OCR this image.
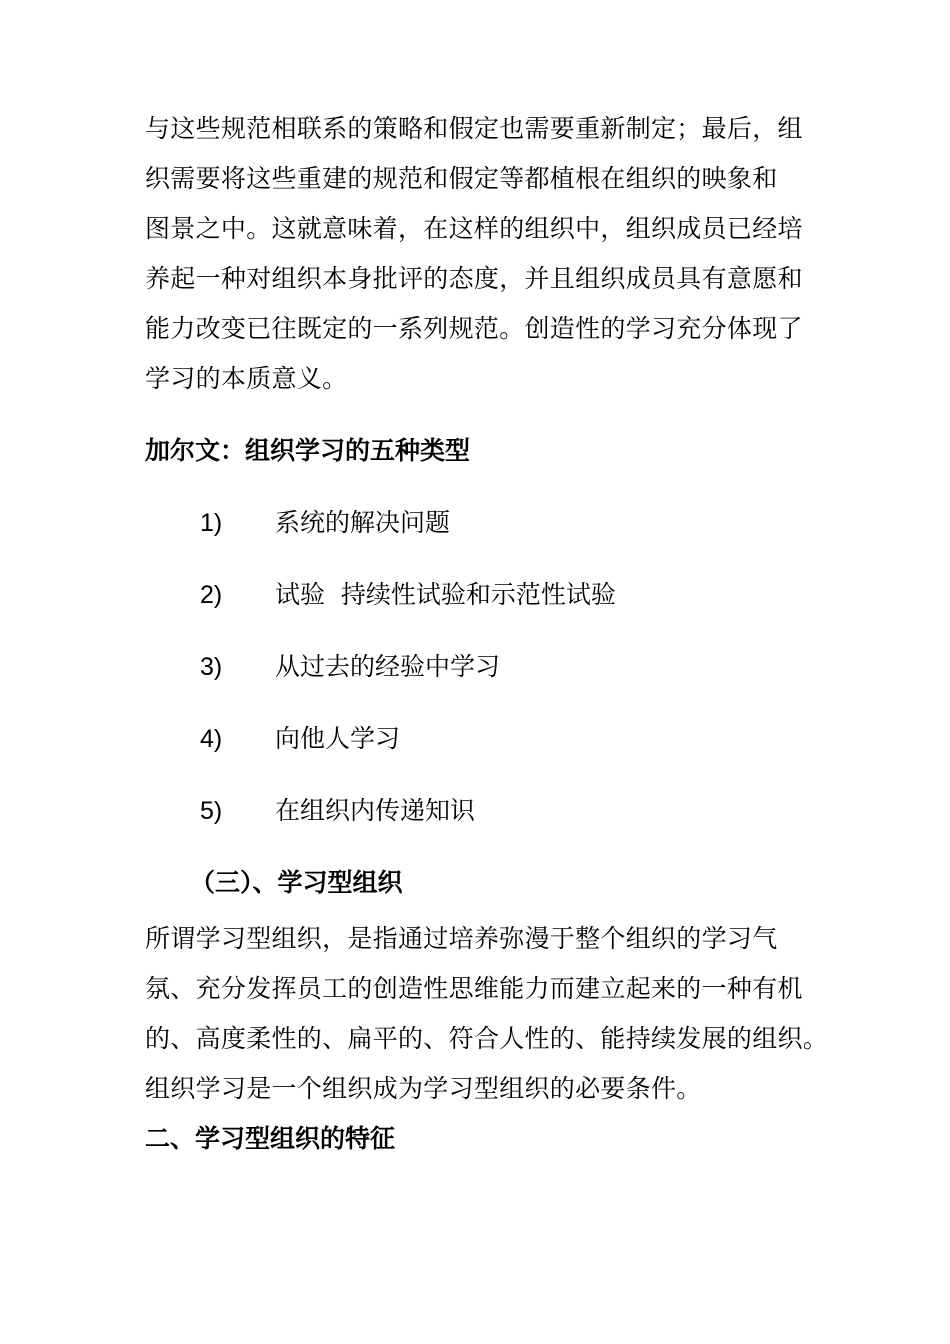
与这些规范相联系的策略和假定也需要重新制定；最后，组
织需要将这些重建的规范和假定等都植根在组织的映象和
图景之中。这就意味着，在这样的组织中，组织成员已经培
养起一种对组织本身批评的态度，并且组织成员具有意愿和
能力改变已往既定的一系列规范。创造性的学习充分体现了
学习的本质意义。
加尔文：组织学习的五种类型
1) 系统的解决问题
2) 试验  持续性试验和示范性试验
3) 从过去的经验中学习
4) 向他人学习
5) 在组织内传递知识
（三）、学习型组织
所谓学习型组织，是指通过培养弥漫于整个组织的学习气
氛、充分发挥员工的创造性思维能力而建立起来的一种有机
的、高度柔性的、扁平的、符合人性的、能持续发展的组织。
组织学习是一个组织成为学习型组织的必要条件。
二、学习型组织的特征
